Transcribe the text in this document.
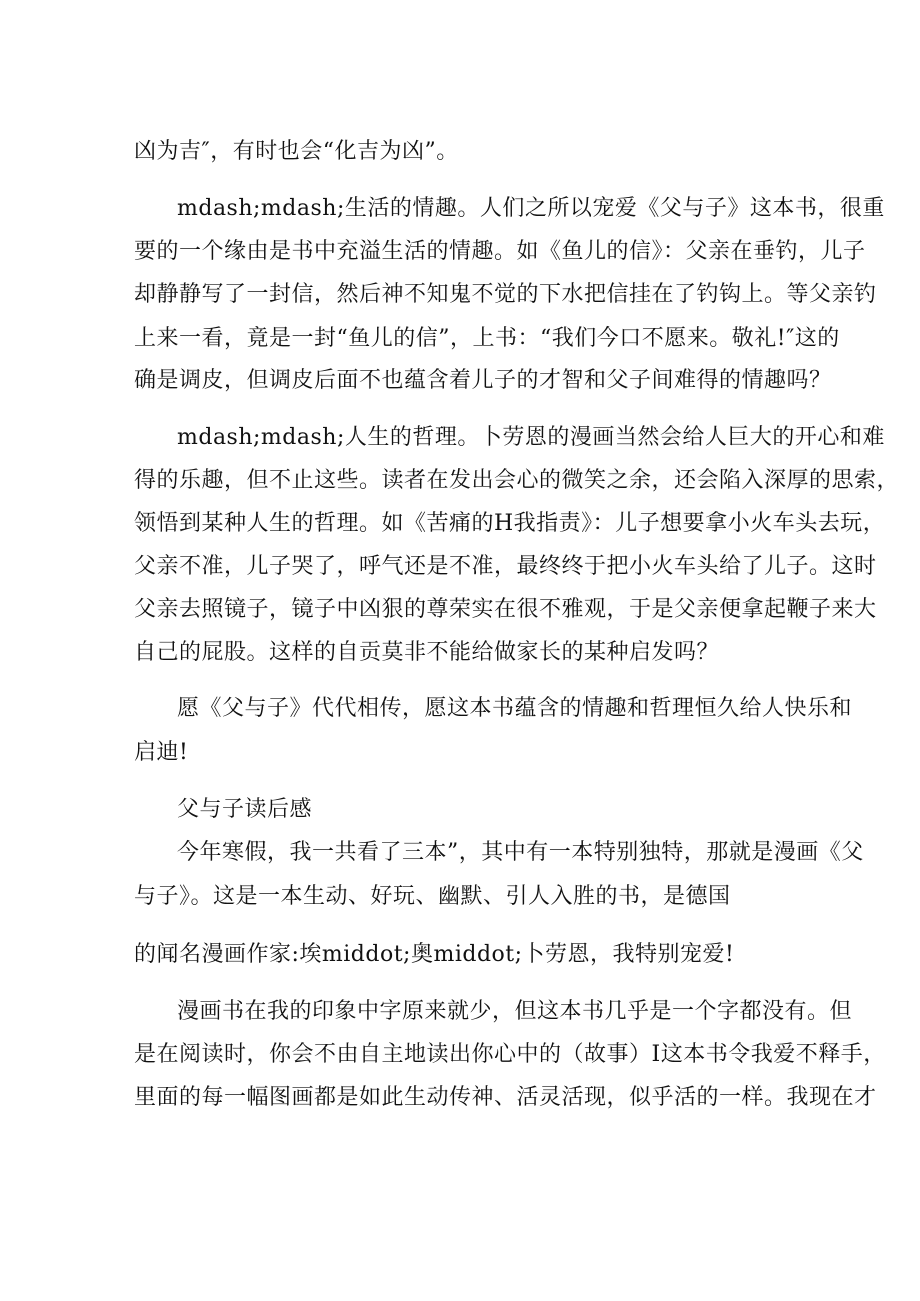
凶为吉″，有时也会“化吉为凶”。

mdash;mdash;生活的情趣。人们之所以宠爱《父与子》这本书，很重

要的一个缘由是书中充溢生活的情趣。如《鱼儿的信》：父亲在垂钓，儿子

却静静写了一封信，然后神不知鬼不觉的下水把信挂在了钓钩上。等父亲钓

上来一看，竟是一封“鱼儿的信”，上书：“我们今口不愿来。敬礼!″这的

确是调皮，但调皮后面不也蕴含着儿子的才智和父子间难得的情趣吗？

mdash;mdash;人生的哲理。卜劳恩的漫画当然会给人巨大的开心和难

得的乐趣，但不止这些。读者在发出会心的微笑之余，还会陷入深厚的思索，

领悟到某种人生的哲理。如《苦痛的H我指责》：儿子想要拿小火车头去玩，

父亲不准，儿子哭了，呼气还是不准，最终终于把小火车头给了儿子。这时

父亲去照镜子，镜子中凶狠的尊荣实在很不雅观，于是父亲便拿起鞭子来大

自己的屁股。这样的自贡莫非不能给做家长的某种启发吗？

愿《父与子》代代相传，愿这本书蕴含的情趣和哲理恒久给人快乐和

启迪!

父与子读后感

今年寒假，我一共看了三本”，其中有一本特别独特，那就是漫画《父

与子》。这是一本生动、好玩、幽默、引人入胜的书，是德国

的闻名漫画作家:埃middot;奥middot;卜劳恩，我特别宠爱!

漫画书在我的印象中字原来就少，但这本书几乎是一个字都没有。但

是在阅读时，你会不由自主地读出你心中的（故事）I这本书令我爱不释手，

里面的每一幅图画都是如此生动传神、活灵活现，似乎活的一样。我现在才
